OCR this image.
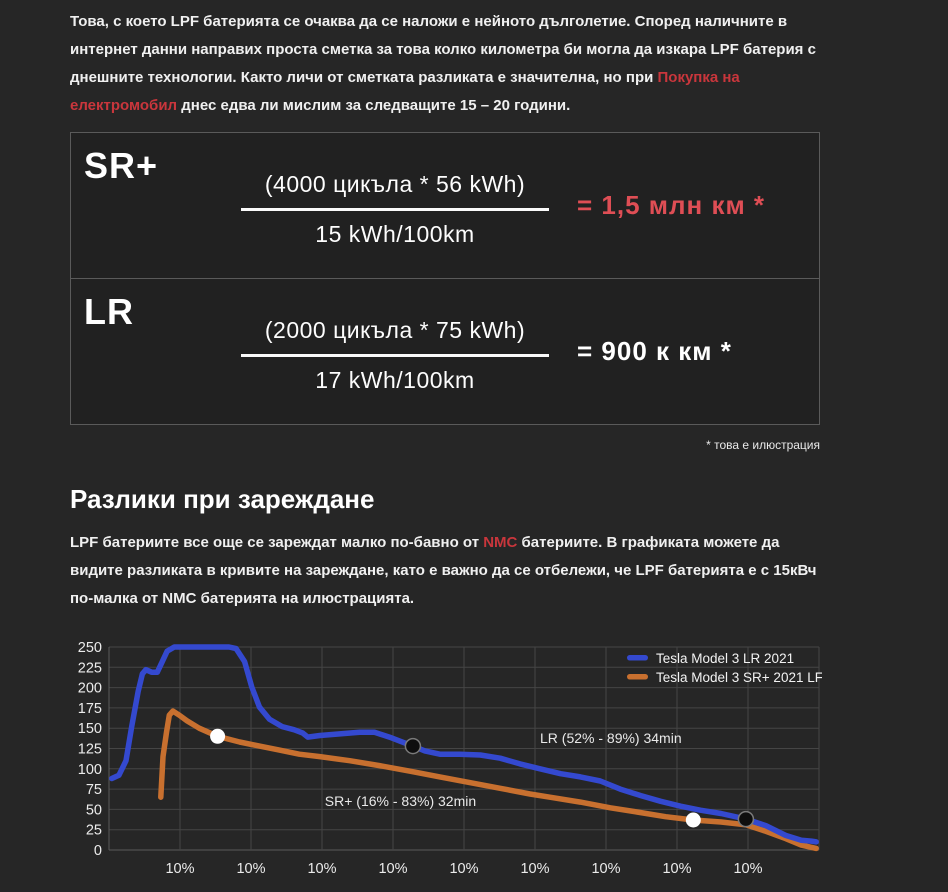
Това, с което LPF батерията се очаква да се наложи е нейното дълголетие. Според наличните в интернет данни направих проста сметка за това колко километра би могла да изкара LPF батерия с днешните технологии. Както личи от сметката разликата е значителна, но при Покупка на електромобил днес едва ли мислим за следващите 15 – 20 години.

SR+	$\frac{\text{(4000 цикъла * 56 kWh)}}{\text{15 kWh/100km}} = 1,5$ млн км *
LR	$\frac{\text{(2000 цикъла * 75 kWh)}}{\text{17 kWh/100km}} = 900$ к км *
* това е илюстрация
Разлики при зареждане

LPF батериите все още се зареждат малко по-бавно от NMC батериите. В графиката можете да видите разликата в кривите на зареждане, като е важно да се отбележи, че LPF батерията е с 15кВч по-малка от NMC батерията на илюстрацията.

250
225
200
175
150
125
100
75
50
25
0
10%	10%	10%	10%	10%	10%	10%	10%	10%
LR (52% - 89%) 34min
SR+ (16% - 83%) 32min
Tesla Model 3 LR 2021
Tesla Model 3 SR+ 2021 LFP
